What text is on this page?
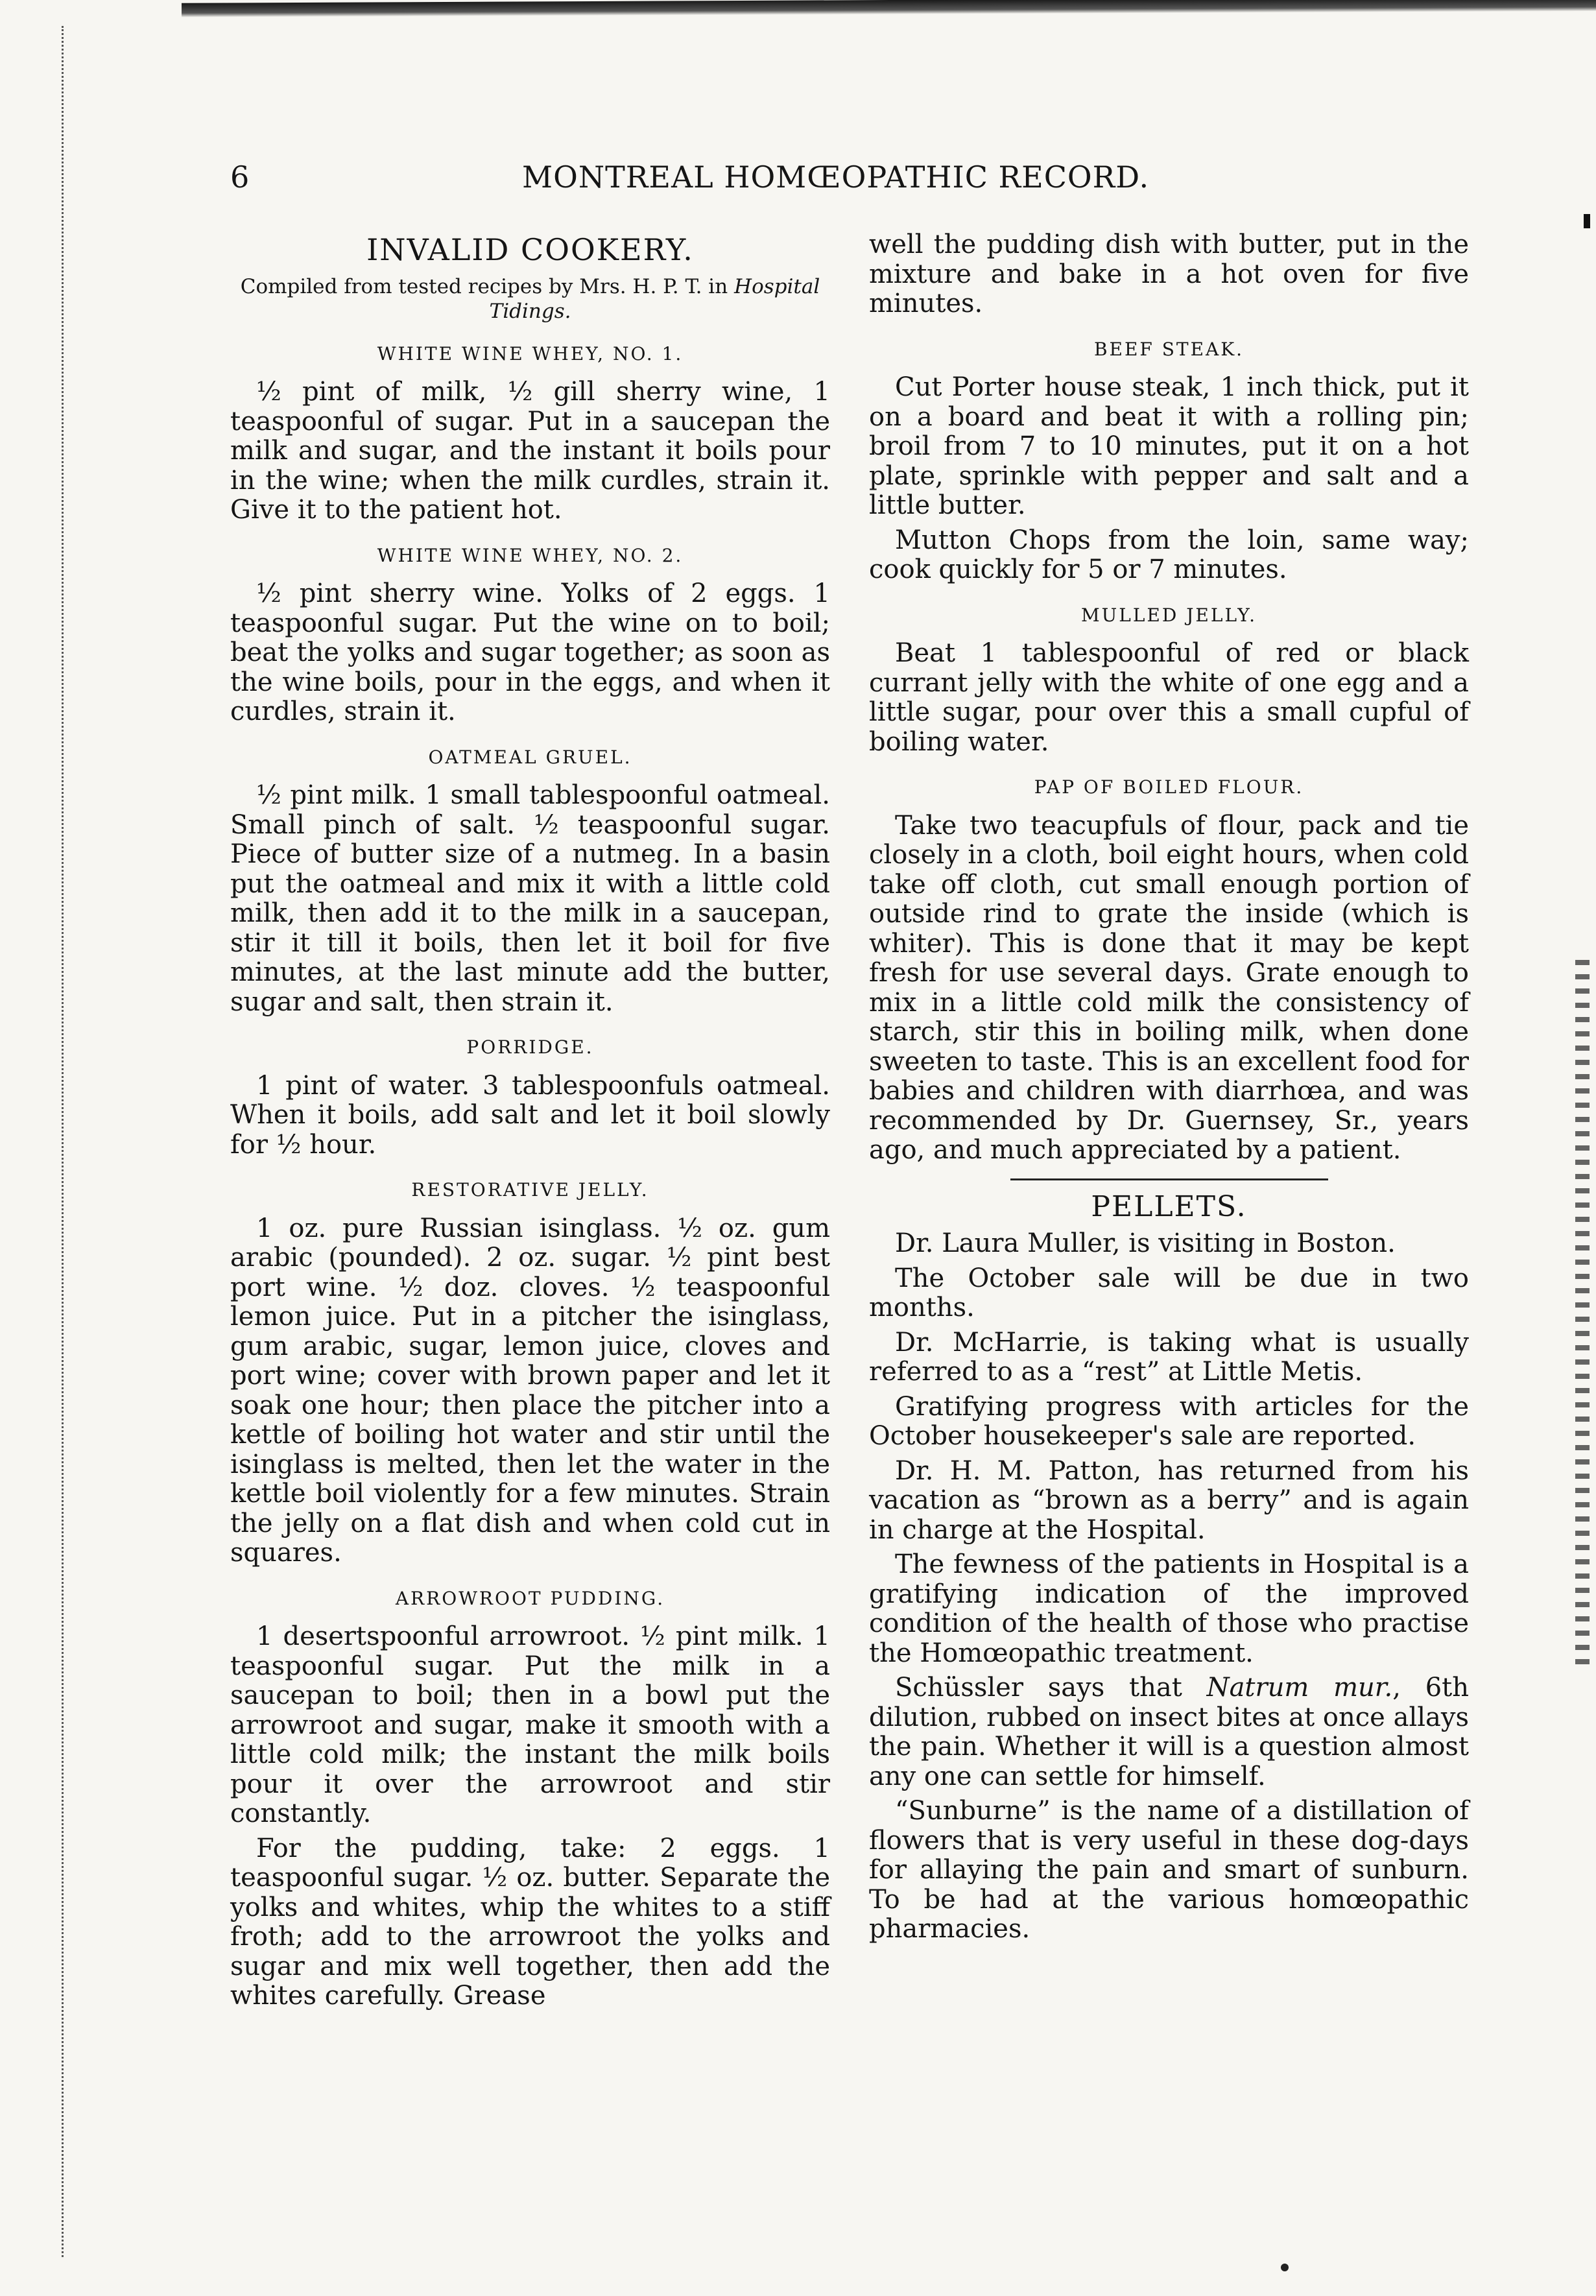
6	MONTREAL HOMŒOPATHIC RECORD.
INVALID COOKERY.
Compiled from tested recipes by Mrs. H. P. T. in Hospital Tidings.
WHITE WINE WHEY, NO. 1.

½ pint of milk, ½ gill sherry wine, 1 teaspoonful of sugar. Put in a saucepan the milk and sugar, and the instant it boils pour in the wine; when the milk curdles, strain it. Give it to the patient hot.

WHITE WINE WHEY, NO. 2.

½ pint sherry wine. Yolks of 2 eggs. 1 teaspoonful sugar. Put the wine on to boil; beat the yolks and sugar together; as soon as the wine boils, pour in the eggs, and when it curdles, strain it.

OATMEAL GRUEL.

½ pint milk. 1 small tablespoonful oatmeal. Small pinch of salt. ½ teaspoonful sugar. Piece of butter size of a nutmeg. In a basin put the oatmeal and mix it with a little cold milk, then add it to the milk in a saucepan, stir it till it boils, then let it boil for five minutes, at the last minute add the butter, sugar and salt, then strain it.

PORRIDGE.

1 pint of water. 3 tablespoonfuls oatmeal. When it boils, add salt and let it boil slowly for ½ hour.

RESTORATIVE JELLY.

1 oz. pure Russian isinglass. ½ oz. gum arabic (pounded). 2 oz. sugar. ½ pint best port wine. ½ doz. cloves. ½ teaspoonful lemon juice. Put in a pitcher the isinglass, gum arabic, sugar, lemon juice, cloves and port wine; cover with brown paper and let it soak one hour; then place the pitcher into a kettle of boiling hot water and stir until the isinglass is melted, then let the water in the kettle boil violently for a few minutes. Strain the jelly on a flat dish and when cold cut in squares.

ARROWROOT PUDDING.

1 desertspoonful arrowroot. ½ pint milk. 1 teaspoonful sugar. Put the milk in a saucepan to boil; then in a bowl put the arrowroot and sugar, make it smooth with a little cold milk; the instant the milk boils pour it over the arrowroot and stir constantly.

For the pudding, take: 2 eggs. 1 teaspoonful sugar. ½ oz. butter. Separate the yolks and whites, whip the whites to a stiff froth; add to the arrowroot the yolks and sugar and mix well together, then add the whites carefully. Grease

well the pudding dish with butter, put in the mixture and bake in a hot oven for five minutes.

BEEF STEAK.

Cut Porter house steak, 1 inch thick, put it on a board and beat it with a rolling pin; broil from 7 to 10 minutes, put it on a hot plate, sprinkle with pepper and salt and a little butter.

Mutton Chops from the loin, same way; cook quickly for 5 or 7 minutes.

MULLED JELLY.

Beat 1 tablespoonful of red or black currant jelly with the white of one egg and a little sugar, pour over this a small cupful of boiling water.

PAP OF BOILED FLOUR.

Take two teacupfuls of flour, pack and tie closely in a cloth, boil eight hours, when cold take off cloth, cut small enough portion of outside rind to grate the inside (which is whiter). This is done that it may be kept fresh for use several days. Grate enough to mix in a little cold milk the consistency of starch, stir this in boiling milk, when done sweeten to taste. This is an excellent food for babies and children with diarrhœa, and was recommended by Dr. Guernsey, Sr., years ago, and much appreciated by a patient.

PELLETS.

Dr. Laura Muller, is visiting in Boston.

The October sale will be due in two months.

Dr. McHarrie, is taking what is usually referred to as a “rest” at Little Metis.

Gratifying progress with articles for the October housekeeper's sale are reported.

Dr. H. M. Patton, has returned from his vacation as “brown as a berry” and is again in charge at the Hospital.

The fewness of the patients in Hospital is a gratifying indication of the improved condition of the health of those who practise the Homœopathic treatment.

Schüssler says that Natrum mur., 6th dilution, rubbed on insect bites at once allays the pain. Whether it will is a question almost any one can settle for himself.

“Sunburne” is the name of a distillation of flowers that is very useful in these dog-days for allaying the pain and smart of sunburn. To be had at the various homœopathic pharmacies.
